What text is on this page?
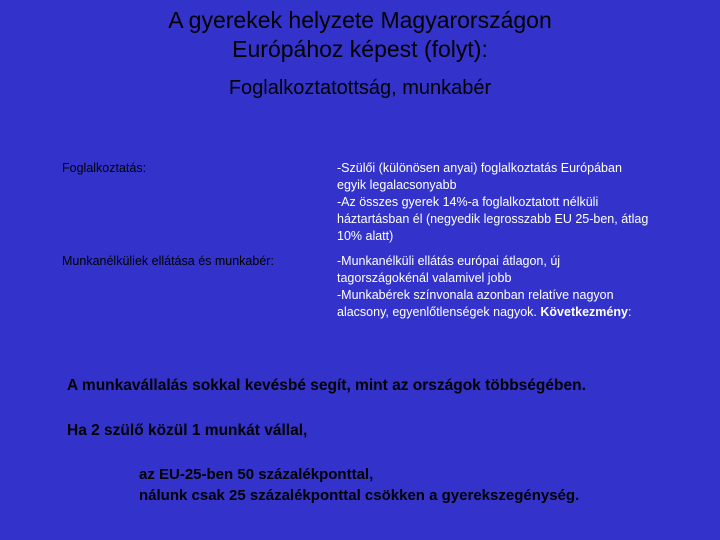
A gyerekek helyzete Magyarországon
Európához képest (folyt):
Foglalkoztatottság, munkabér
Foglalkoztatás:	-Szülői (különösen anyai) foglalkoztatás Európában
egyik legalacsonyabb
-Az összes gyerek 14%-a foglalkoztatott nélküli
háztartásban él (negyedik legrosszabb EU 25-ben, átlag
10% alatt)

Munkanélküliek ellátása és munkabér:	-Munkanélküli ellátás európai átlagon, új
tagországokénál valamivel jobb
-Munkabérek színvonala azonban relatíve nagyon
alacsony, egyenlőtlenségek nagyok. Következmény:
A munkavállalás sokkal kevésbé segít, mint az országok többségében.
Ha 2 szülő közül 1 munkát vállal,
az EU-25-ben 50 százalékponttal,
nálunk csak 25 százalékponttal csökken a gyerekszegénység.
